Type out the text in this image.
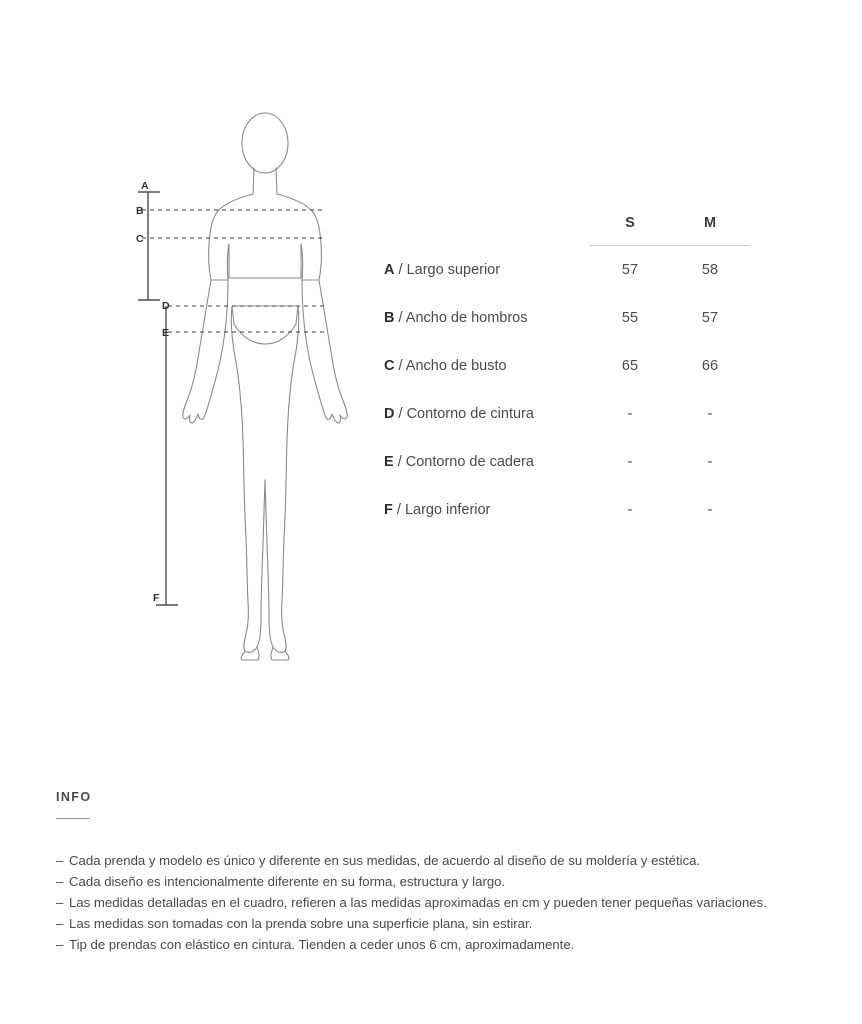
A
B
C
D
E
F
	S	M
A / Largo superior	57	58
B / Ancho de hombros	55	57
C / Ancho de busto	65	66
D / Contorno de cintura	-	-
E / Contorno de cadera	-	-
F / Largo inferior	-	-
INFO
– Cada prenda y modelo es único y diferente en sus medidas, de acuerdo al diseño de su moldería y estética.
– Cada diseño es intencionalmente diferente en su forma, estructura y largo.
– Las medidas detalladas en el cuadro, refieren a las medidas aproximadas en cm y pueden tener pequeñas variaciones.
– Las medidas son tomadas con la prenda sobre una superficie plana, sin estirar.
– Tip de prendas con elástico en cintura. Tienden a ceder unos 6 cm, aproximadamente.
